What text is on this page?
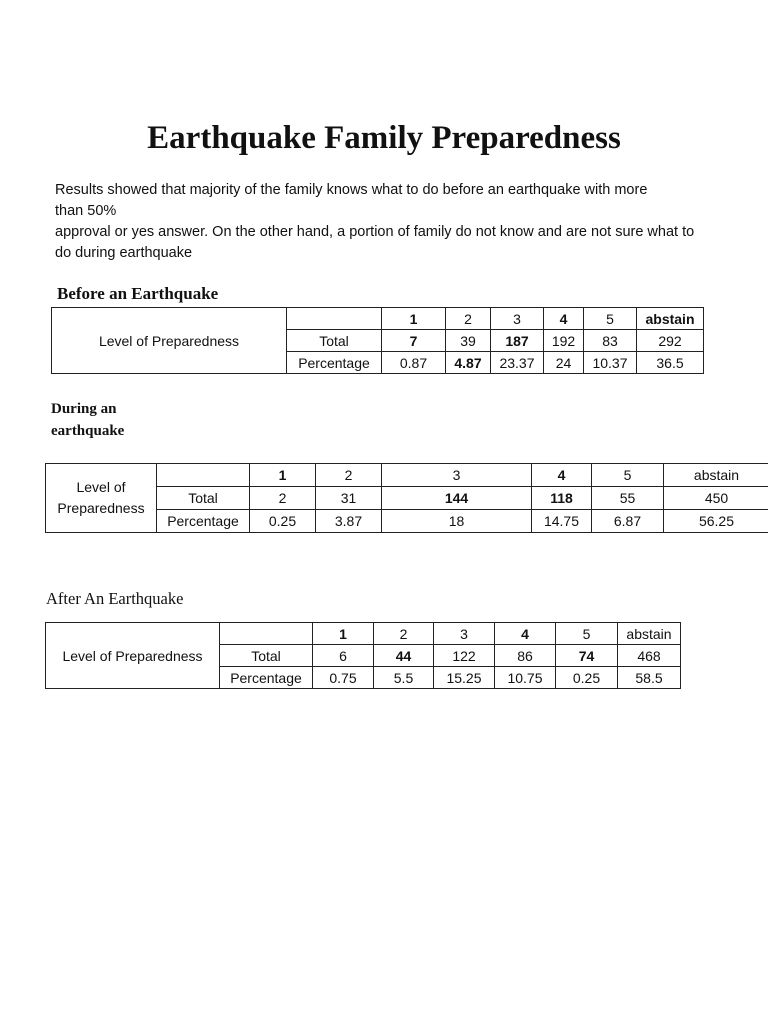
Earthquake Family Preparedness
Results showed that majority of the family knows what to do before an earthquake with more
than 50%
approval or yes answer. On the other hand, a portion of family do not know and are not sure what to
do during earthquake
Before an Earthquake
Level of Preparedness		1	2	3	4	5	abstain
	Total	7	39	187	192	83	292
	Percentage	0.87	4.87	23.37	24	10.37	36.5
During an
earthquake
Level of
Preparedness		1	2	3	4	5	abstain
	Total	2	31	144	118	55	450
	Percentage	0.25	3.87	18	14.75	6.87	56.25
After An Earthquake
Level of Preparedness		1	2	3	4	5	abstain
	Total	6	44	122	86	74	468
	Percentage	0.75	5.5	15.25	10.75	0.25	58.5
